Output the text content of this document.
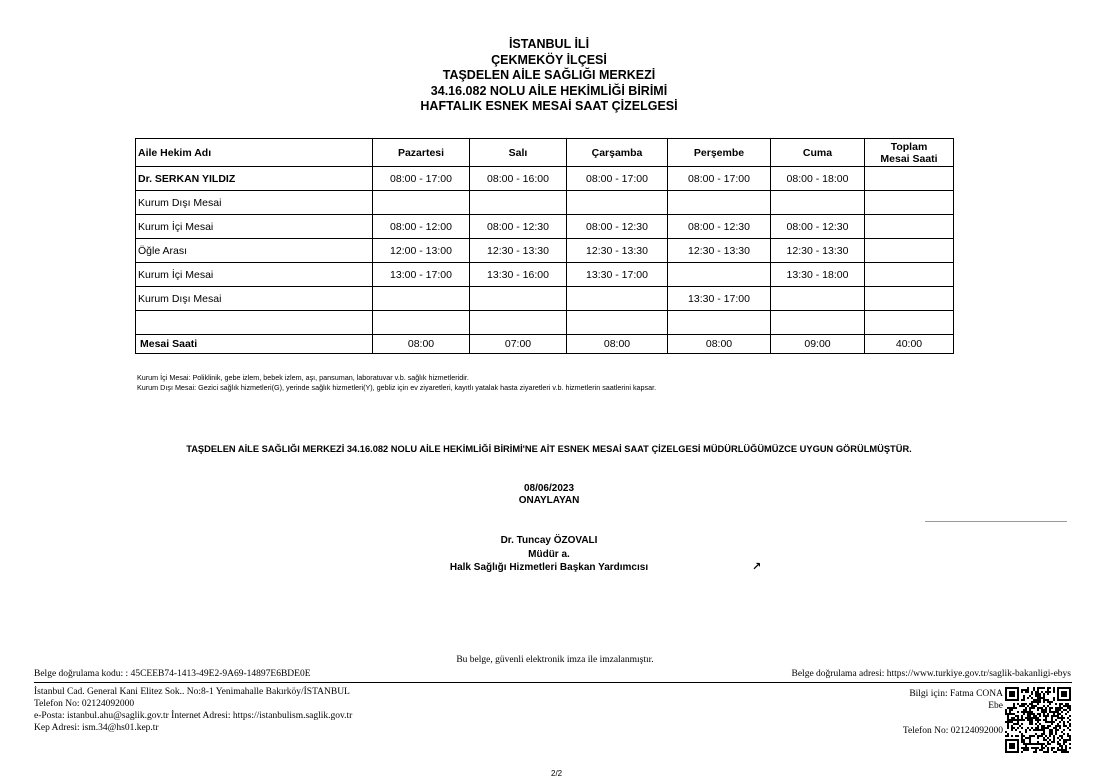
İSTANBUL İLİ
ÇEKMEKÖY İLÇESİ
TAŞDELEN AİLE SAĞLIĞI MERKEZİ
34.16.082 NOLU AİLE HEKİMLİĞİ BİRİMİ
HAFTALIK ESNEK MESAİ SAAT ÇİZELGESİ
Aile Hekim Adı	Pazartesi	Salı	Çarşamba	Perşembe	Cuma	Toplam Mesai Saati
Dr. SERKAN YILDIZ	08:00 - 17:00	08:00 - 16:00	08:00 - 17:00	08:00 - 17:00	08:00 - 18:00	
Kurum Dışı Mesai						
Kurum İçi Mesai	08:00 - 12:00	08:00 - 12:30	08:00 - 12:30	08:00 - 12:30	08:00 - 12:30	
Öğle Arası	12:00 - 13:00	12:30 - 13:30	12:30 - 13:30	12:30 - 13:30	12:30 - 13:30	
Kurum İçi Mesai	13:00 - 17:00	13:30 - 16:00	13:30 - 17:00		13:30 - 18:00	
Kurum Dışı Mesai				13:30 - 17:00		

Mesai Saati	08:00	07:00	08:00	08:00	09:00	40:00
Kurum İçi Mesai: Poliklinik, gebe izlem, bebek izlem, aşı, pansuman, laboratuvar v.b. sağlık hizmetleridir.
Kurum Dışı Mesai: Gezici sağlık hizmetleri(G), yerinde sağlık hizmetleri(Y), gebliz için ev ziyaretleri, kayıtlı yatalak hasta ziyaretleri v.b. hizmetlerin saatlerini kapsar.
TAŞDELEN AİLE SAĞLIĞI MERKEZİ 34.16.082 NOLU AİLE HEKİMLİĞİ BİRİMİ'NE AİT ESNEK MESAİ SAAT ÇİZELGESİ MÜDÜRLÜĞÜMÜZCE UYGUN GÖRÜLMÜŞTÜR.
08/06/2023
ONAYLAYAN
Dr. Tuncay ÖZOVALI
Müdür a.
Halk Sağlığı Hizmetleri Başkan Yardımcısı	↗
Bu belge, güvenli elektronik imza ile imzalanmıştır.
Belge doğrulama kodu: : 45CEEB74-1413-49E2-9A69-14897E6BDE0E	Belge doğrulama adresi: https://www.turkiye.gov.tr/saglik-bakanligi-ebys
İstanbul Cad. General Kani Elitez Sok.. No:8-1 Yenimahalle Bakırköy/İSTANBUL
Telefon No: 02124092000
e-Posta: istanbul.ahu@saglik.gov.tr İnternet Adresi: https://istanbulism.saglik.gov.tr
Kep Adresi: ism.34@hs01.kep.tr
Bilgi için: Fatma CONA
Ebe
Telefon No: 02124092000
2/2
